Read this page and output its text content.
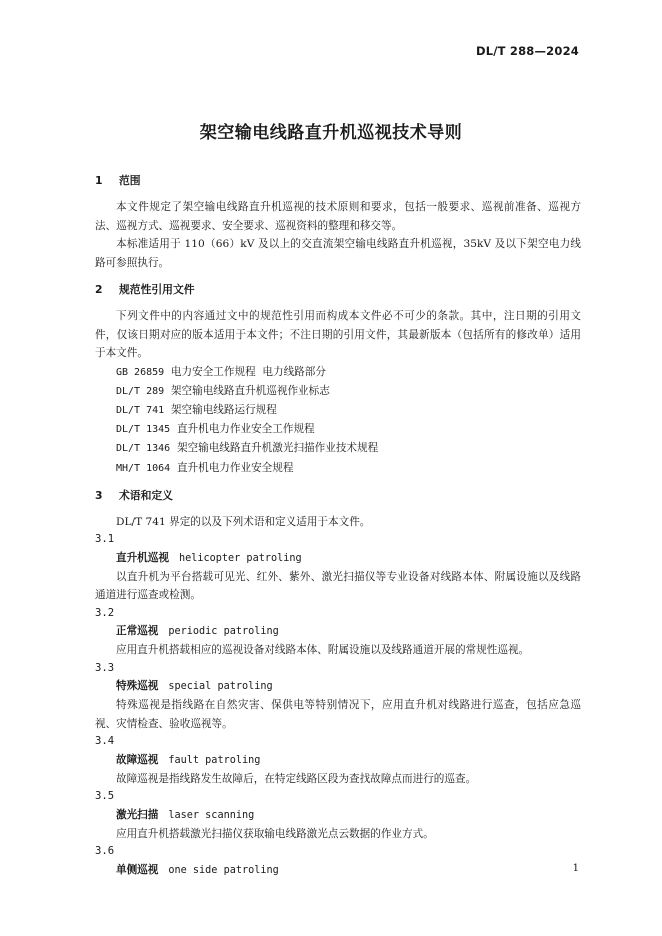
DL/T 288—2024
架空输电线路直升机巡视技术导则
1	范围

本文件规定了架空输电线路直升机巡视的技术原则和要求，包括一般要求、巡视前准备、巡视方法、巡视方式、巡视要求、安全要求、巡视资料的整理和移交等。

本标准适用于 110（66）kV 及以上的交直流架空输电线路直升机巡视，35kV 及以下架空电力线路可参照执行。

2	规范性引用文件

下列文件中的内容通过文中的规范性引用而构成本文件必不可少的条款。其中，注日期的引用文件，仅该日期对应的版本适用于本文件；不注日期的引用文件，其最新版本（包括所有的修改单）适用于本文件。

GB 26859 电力安全工作规程  电力线路部分

DL/T 289 架空输电线路直升机巡视作业标志

DL/T 741 架空输电线路运行规程

DL/T 1345 直升机电力作业安全工作规程

DL/T 1346 架空输电线路直升机激光扫描作业技术规程

MH/T 1064 直升机电力作业安全规程

3	术语和定义

DL/T 741 界定的以及下列术语和定义适用于本文件。

3.1

直升机巡视 helicopter patroling

以直升机为平台搭载可见光、红外、紫外、激光扫描仪等专业设备对线路本体、附属设施以及线路通道进行巡查或检测。

3.2

正常巡视 periodic patroling

应用直升机搭载相应的巡视设备对线路本体、附属设施以及线路通道开展的常规性巡视。

3.3

特殊巡视 special patroling

特殊巡视是指线路在自然灾害、保供电等特别情况下，应用直升机对线路进行巡查，包括应急巡视、灾情检查、验收巡视等。

3.4

故障巡视 fault patroling

故障巡视是指线路发生故障后，在特定线路区段为查找故障点而进行的巡查。

3.5

激光扫描 laser scanning

应用直升机搭载激光扫描仪获取输电线路激光点云数据的作业方式。

3.6

单侧巡视 one side patroling	1
